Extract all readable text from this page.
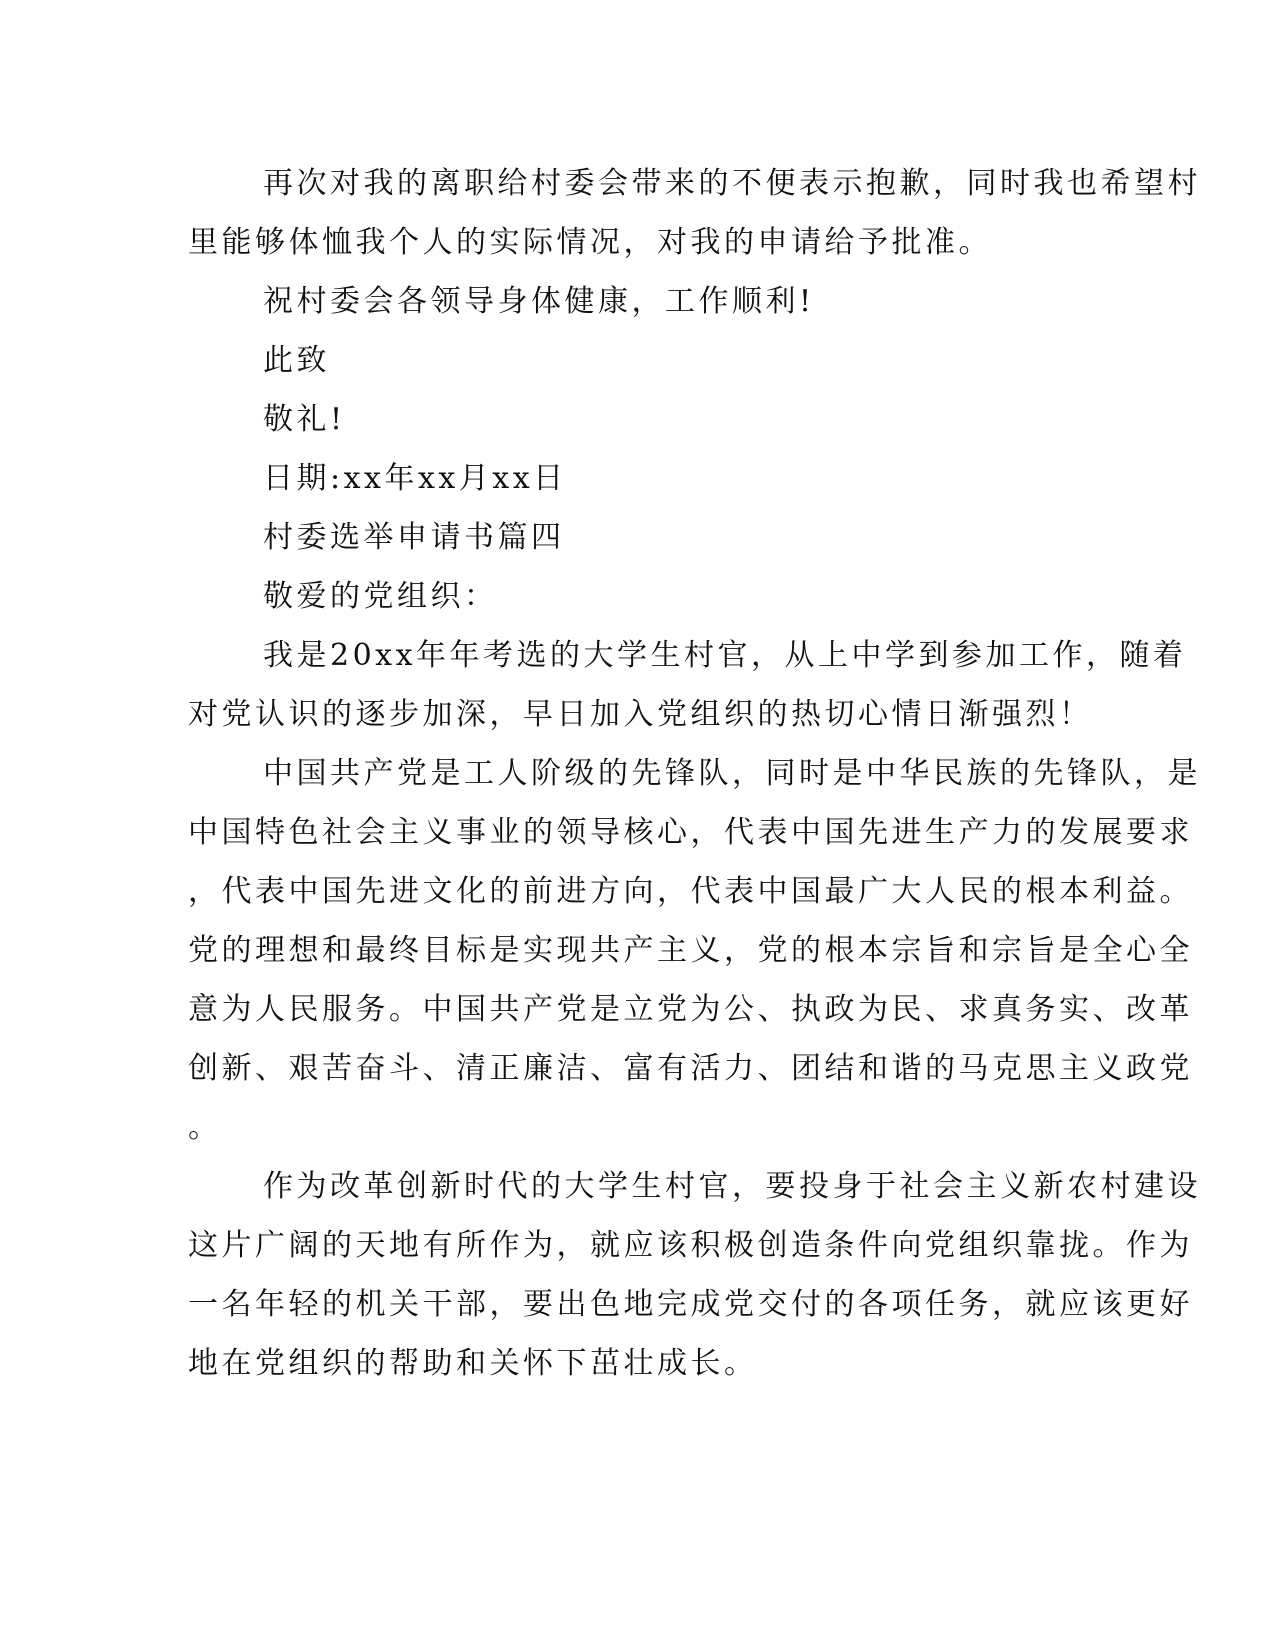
再次对我的离职给村委会带来的不便表示抱歉，同时我也希望村
里能够体恤我个人的实际情况，对我的申请给予批准。
祝村委会各领导身体健康，工作顺利!
此致
敬礼!
日期:xx年xx月xx日
村委选举申请书篇四
敬爱的党组织：
我是20xx年年考选的大学生村官，从上中学到参加工作，随着
对党认识的逐步加深，早日加入党组织的热切心情日渐强烈！
中国共产党是工人阶级的先锋队，同时是中华民族的先锋队，是
中国特色社会主义事业的领导核心，代表中国先进生产力的发展要求
，代表中国先进文化的前进方向，代表中国最广大人民的根本利益。
党的理想和最终目标是实现共产主义，党的根本宗旨和宗旨是全心全
意为人民服务。中国共产党是立党为公、执政为民、求真务实、改革
创新、艰苦奋斗、清正廉洁、富有活力、团结和谐的马克思主义政党
。
作为改革创新时代的大学生村官，要投身于社会主义新农村建设
这片广阔的天地有所作为，就应该积极创造条件向党组织靠拢。作为
一名年轻的机关干部，要出色地完成党交付的各项任务，就应该更好
地在党组织的帮助和关怀下茁壮成长。
